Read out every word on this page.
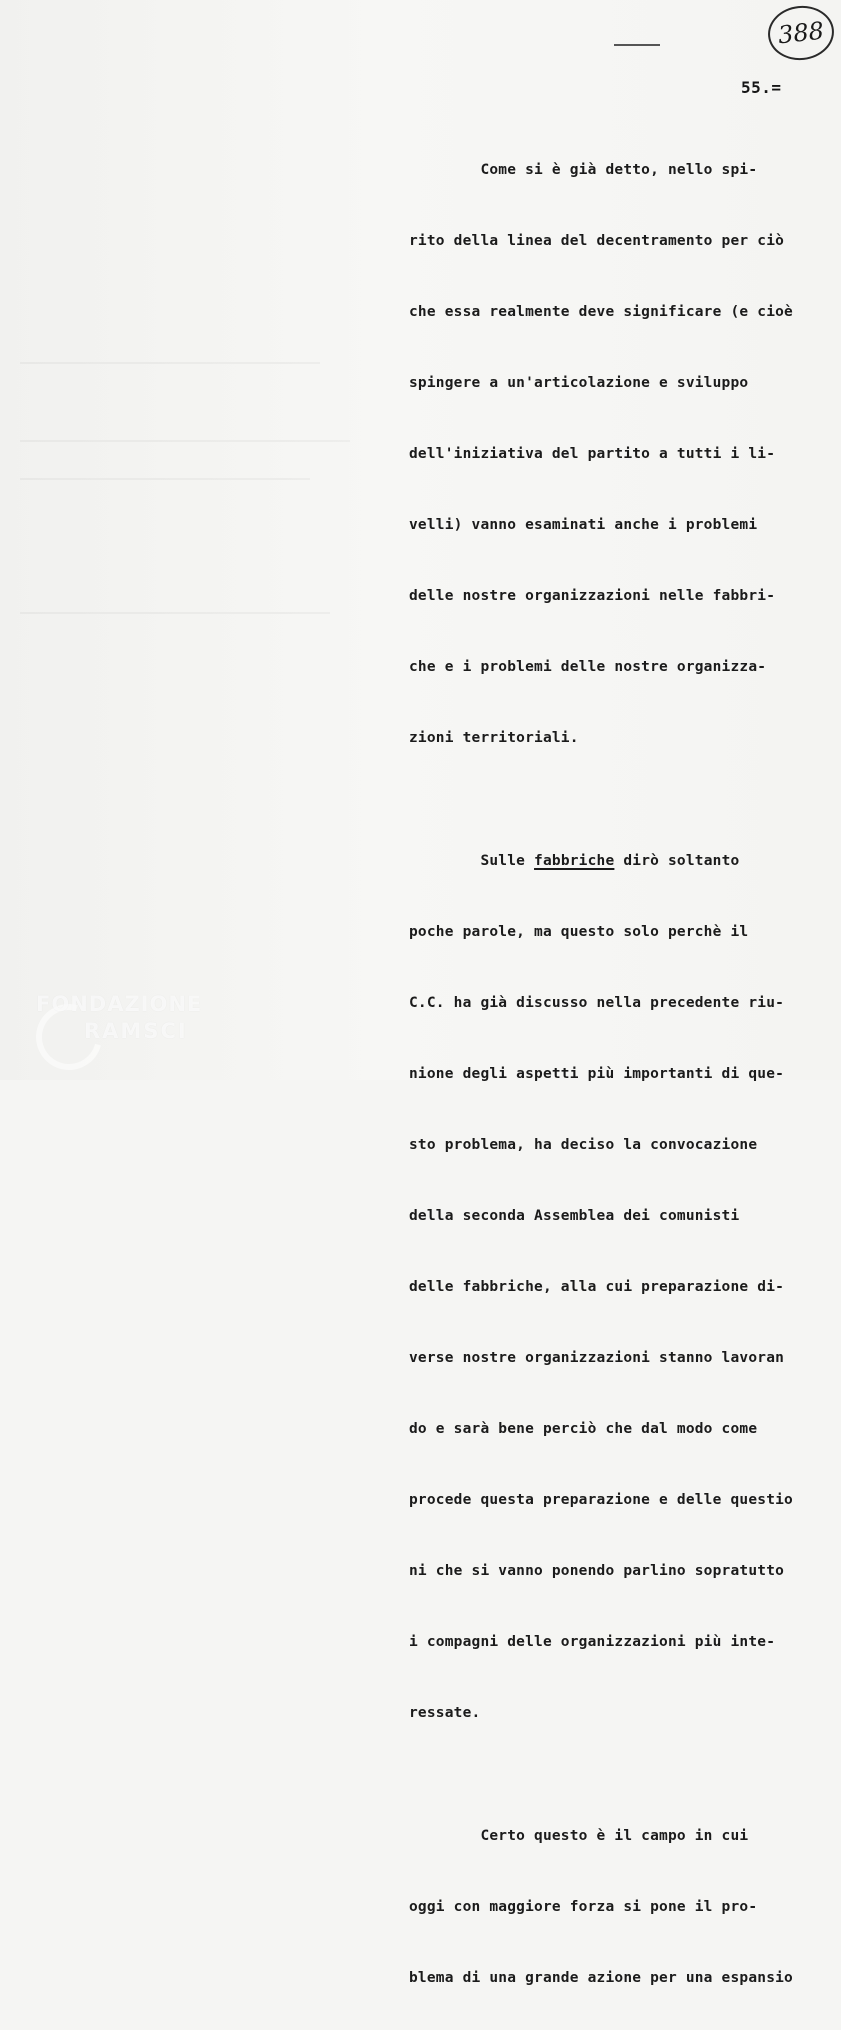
388
55.=

Come si è già detto, nello spi-

rito della linea del decentramento per ciò

che essa realmente deve significare (e cioè

spingere a un'articolazione e sviluppo

dell'iniziativa del partito a tutti i li-

velli) vanno esaminati anche i problemi

delle nostre organizzazioni nelle fabbri-

che e i problemi delle nostre organizza-

zioni territoriali.

Sulle fabbriche dirò soltanto

poche parole, ma questo solo perchè il

C.C. ha già discusso nella precedente riu-

nione degli aspetti più importanti di que-

sto problema, ha deciso la convocazione

della seconda Assemblea dei comunisti

delle fabbriche, alla cui preparazione di-

verse nostre organizzazioni stanno lavoran

do e sarà bene perciò che dal modo come

procede questa preparazione e delle questio

ni che si vanno ponendo parlino sopratutto

i compagni delle organizzazioni più inte-

ressate.

Certo questo è il campo in cui

oggi con maggiore forza si pone il pro-

blema di una grande azione per una espansio

FONDAZIONE
RAMSCI
